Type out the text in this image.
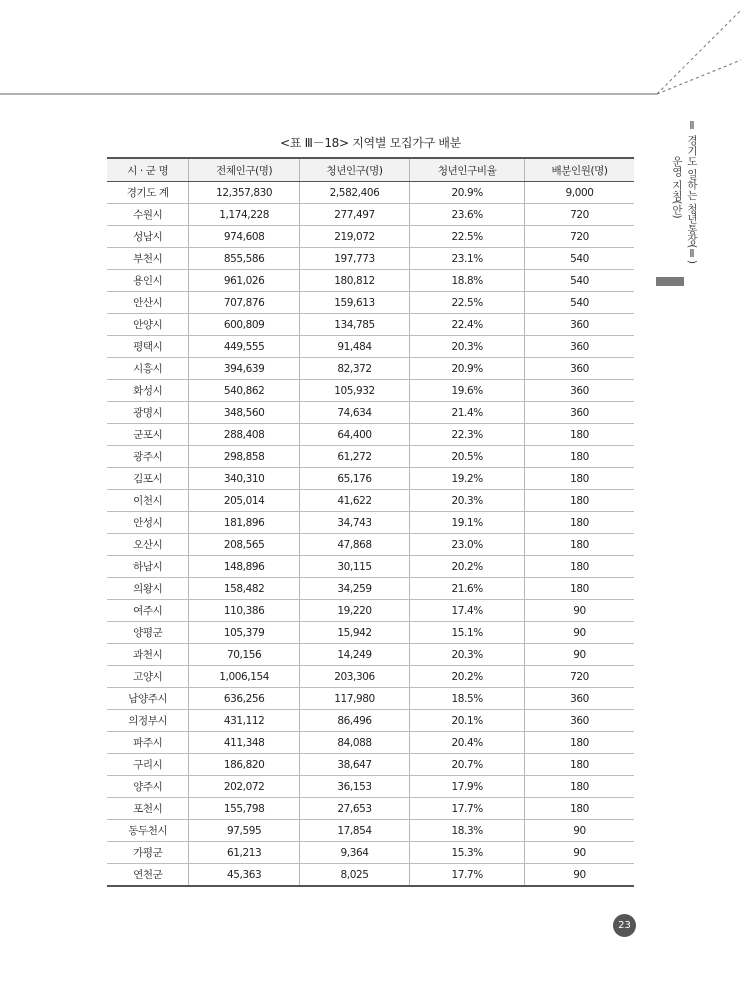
<표 Ⅲ－18> 지역별 모집가구 배분
시 · 군 명	전체인구(명)	청년인구(명)	청년인구비율	배분인원(명)
경기도 계	12,357,830	2,582,406	20.9%	9,000
수원시	1,174,228	277,497	23.6%	720
성남시	974,608	219,072	22.5%	720
부천시	855,586	197,773	23.1%	540
용인시	961,026	180,812	18.8%	540
안산시	707,876	159,613	22.5%	540
안양시	600,809	134,785	22.4%	360
평택시	449,555	91,484	20.3%	360
시흥시	394,639	82,372	20.9%	360
화성시	540,862	105,932	19.6%	360
광명시	348,560	74,634	21.4%	360
군포시	288,408	64,400	22.3%	180
광주시	298,858	61,272	20.5%	180
김포시	340,310	65,176	19.2%	180
이천시	205,014	41,622	20.3%	180
안성시	181,896	34,743	19.1%	180
오산시	208,565	47,868	23.0%	180
하남시	148,896	30,115	20.2%	180
의왕시	158,482	34,259	21.6%	180
여주시	110,386	19,220	17.4%	90
양평군	105,379	15,942	15.1%	90
과천시	70,156	14,249	20.3%	90
고양시	1,006,154	203,306	20.2%	720
남양주시	636,256	117,980	18.5%	360
의정부시	431,112	86,496	20.1%	360
파주시	411,348	84,088	20.4%	180
구리시	186,820	38,647	20.7%	180
양주시	202,072	36,153	17.9%	180
포천시	155,798	27,653	17.7%	180
동두천시	97,595	17,854	18.3%	90
가평군	61,213	9,364	15.3%	90
연천군	45,363	8,025	17.7%	90
Ⅱ 경기도 일하는 청년통장(Ⅱ)
운영 지침(안)
23
